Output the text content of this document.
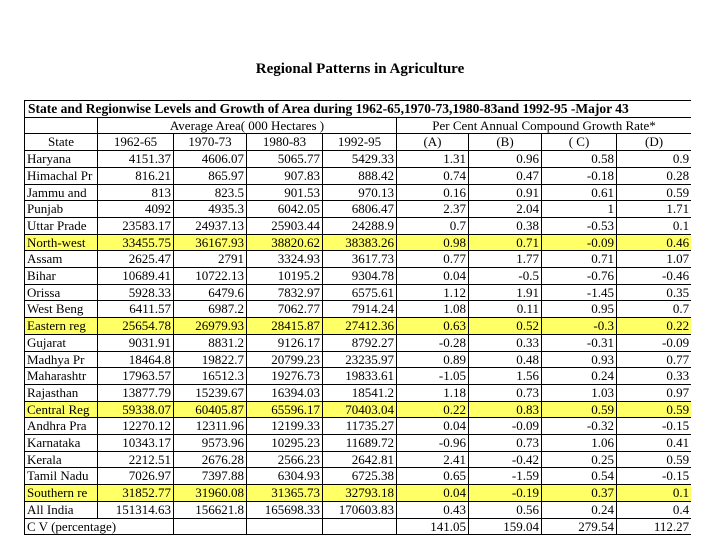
Regional Patterns in Agriculture
State and Regionwise Levels and Growth of Area during 1962-65,1970-73,1980-83and 1992-95 -Major 43								
	Average Area( 000 Hectares )				Per Cent Annual Compound Growth Rate*			
State	1962-65	1970-73	1980-83	1992-95	(A)	(B)	( C)	(D)
Haryana	4151.37	4606.07	5065.77	5429.33	1.31	0.96	0.58	0.9
Himachal Pr	816.21	865.97	907.83	888.42	0.74	0.47	-0.18	0.28
Jammu and	813	823.5	901.53	970.13	0.16	0.91	0.61	0.59
Punjab	4092	4935.3	6042.05	6806.47	2.37	2.04	1	1.71
Uttar Prade	23583.17	24937.13	25903.44	24288.9	0.7	0.38	-0.53	0.1
North-west	33455.75	36167.93	38820.62	38383.26	0.98	0.71	-0.09	0.46
Assam	2625.47	2791	3324.93	3617.73	0.77	1.77	0.71	1.07
Bihar	10689.41	10722.13	10195.2	9304.78	0.04	-0.5	-0.76	-0.46
Orissa	5928.33	6479.6	7832.97	6575.61	1.12	1.91	-1.45	0.35
West Beng	6411.57	6987.2	7062.77	7914.24	1.08	0.11	0.95	0.7
Eastern reg	25654.78	26979.93	28415.87	27412.36	0.63	0.52	-0.3	0.22
Gujarat	9031.91	8831.2	9126.17	8792.27	-0.28	0.33	-0.31	-0.09
Madhya Pr	18464.8	19822.7	20799.23	23235.97	0.89	0.48	0.93	0.77
Maharashtr	17963.57	16512.3	19276.73	19833.61	-1.05	1.56	0.24	0.33
Rajasthan	13877.79	15239.67	16394.03	18541.2	1.18	0.73	1.03	0.97
Central Reg	59338.07	60405.87	65596.17	70403.04	0.22	0.83	0.59	0.59
Andhra Pra	12270.12	12311.96	12199.33	11735.27	0.04	-0.09	-0.32	-0.15
Karnataka	10343.17	9573.96	10295.23	11689.72	-0.96	0.73	1.06	0.41
Kerala	2212.51	2676.28	2566.23	2642.81	2.41	-0.42	0.25	0.59
Tamil Nadu	7026.97	7397.88	6304.93	6725.38	0.65	-1.59	0.54	-0.15
Southern re	31852.77	31960.08	31365.73	32793.18	0.04	-0.19	0.37	0.1
All India	151314.63	156621.8	165698.33	170603.83	0.43	0.56	0.24	0.4
C V (percentage)					141.05	159.04	279.54	112.27
